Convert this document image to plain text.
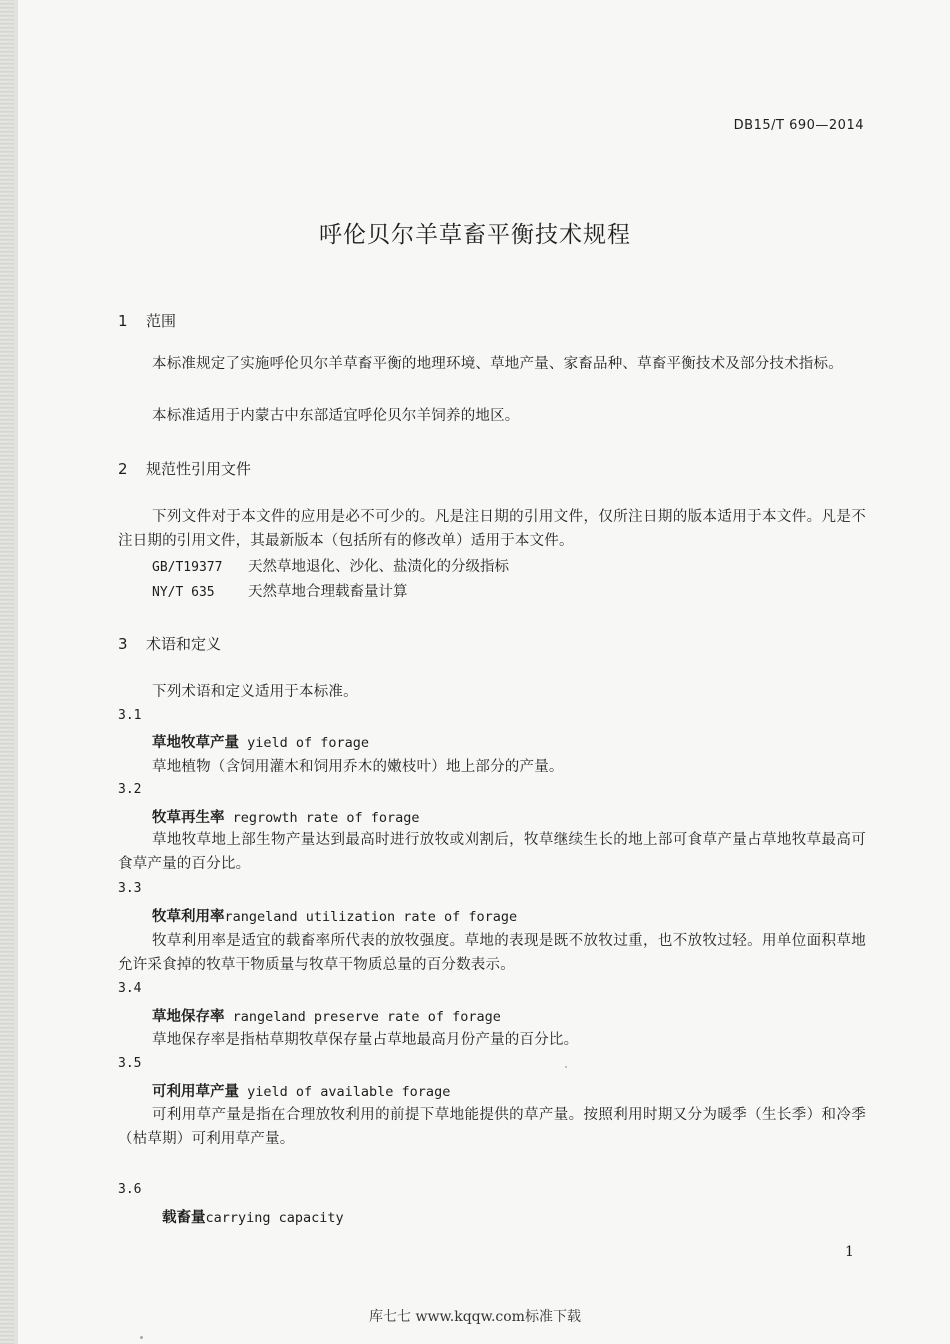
DB15/T 690—2014
呼伦贝尔羊草畜平衡技术规程
1 范围
本标准规定了实施呼伦贝尔羊草畜平衡的地理环境、草地产量、家畜品种、草畜平衡技术及部分技术指标。
本标准适用于内蒙古中东部适宜呼伦贝尔羊饲养的地区。
2 规范性引用文件
下列文件对于本文件的应用是必不可少的。凡是注日期的引用文件，仅所注日期的版本适用于本文件。凡是不注日期的引用文件，其最新版本（包括所有的修改单）适用于本文件。
GB/T19377 天然草地退化、沙化、盐渍化的分级指标
NY/T 635 天然草地合理载畜量计算
3 术语和定义
下列术语和定义适用于本标准。
3.1
草地牧草产量 yield of forage
草地植物（含饲用灌木和饲用乔木的嫩枝叶）地上部分的产量。
3.2
牧草再生率 regrowth rate of forage
草地牧草地上部生物产量达到最高时进行放牧或刈割后，牧草继续生长的地上部可食草产量占草地牧草最高可食草产量的百分比。
3.3
牧草利用率rangeland utilization rate of forage
牧草利用率是适宜的载畜率所代表的放牧强度。草地的表现是既不放牧过重，也不放牧过轻。用单位面积草地允许采食掉的牧草干物质量与牧草干物质总量的百分数表示。
3.4
草地保存率 rangeland preserve rate of forage
草地保存率是指枯草期牧草保存量占草地最高月份产量的百分比。
3.5
可利用草产量 yield of available forage
可利用草产量是指在合理放牧利用的前提下草地能提供的草产量。按照利用时期又分为暖季（生长季）和冷季（枯草期）可利用草产量。
3.6
载畜量carrying capacity
1
库七七 www.kqqw.com标准下载
